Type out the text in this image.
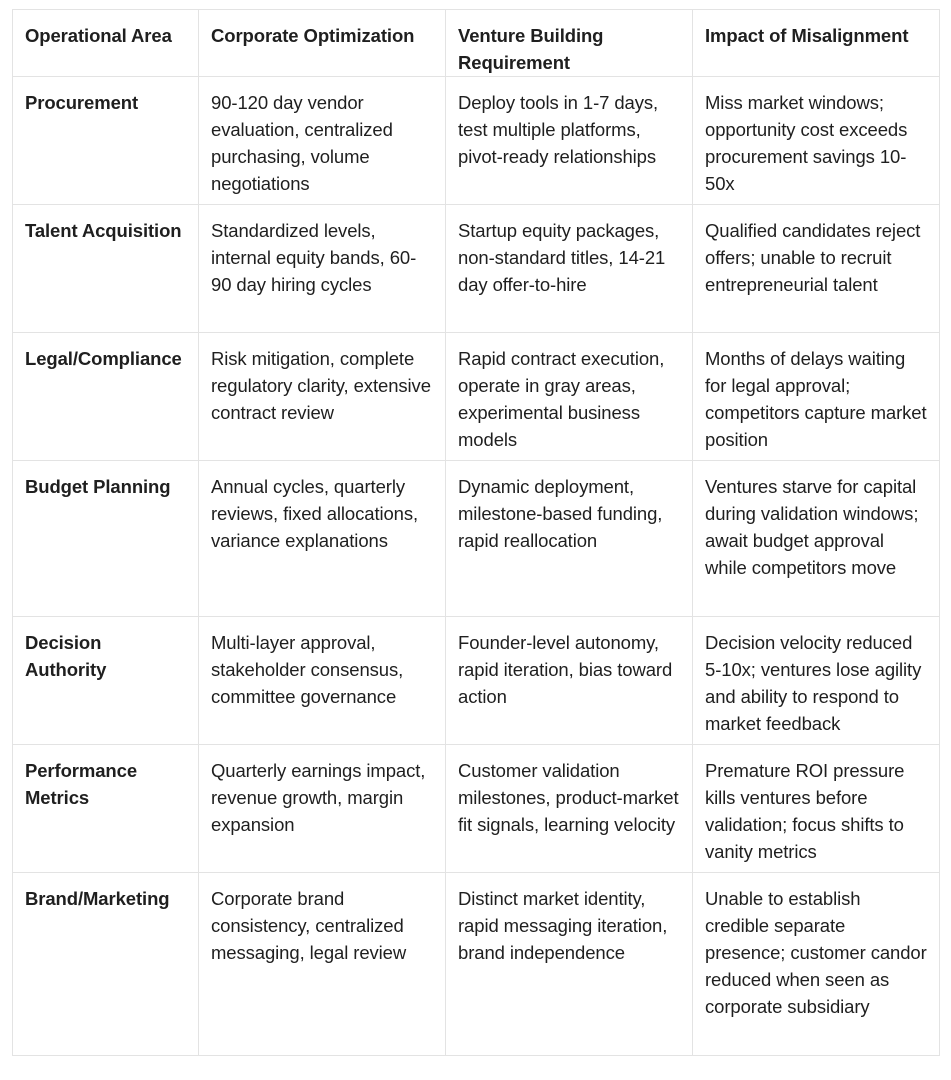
Operational Area	Corporate Optimization	Venture Building Requirement	Impact of Misalignment
Procurement	90-120 day vendor evaluation, centralized purchasing, volume negotiations	Deploy tools in 1-7 days, test multiple platforms, pivot-ready relationships	Miss market windows; opportunity cost exceeds procurement savings 10-50x
Talent Acquisition	Standardized levels, internal equity bands, 60-90 day hiring cycles	Startup equity packages, non-standard titles, 14-21 day offer-to-hire	Qualified candidates reject offers; unable to recruit entrepreneurial talent
Legal/Compliance	Risk mitigation, complete regulatory clarity, extensive contract review	Rapid contract execution, operate in gray areas, experimental business models	Months of delays waiting for legal approval; competitors capture market position
Budget Planning	Annual cycles, quarterly reviews, fixed allocations, variance explanations	Dynamic deployment, milestone-based funding, rapid reallocation	Ventures starve for capital during validation windows; await budget approval while competitors move
Decision Authority	Multi-layer approval, stakeholder consensus, committee governance	Founder-level autonomy, rapid iteration, bias toward action	Decision velocity reduced 5-10x; ventures lose agility and ability to respond to market feedback
Performance Metrics	Quarterly earnings impact, revenue growth, margin expansion	Customer validation milestones, product-market fit signals, learning velocity	Premature ROI pressure kills ventures before validation; focus shifts to vanity metrics
Brand/Marketing	Corporate brand consistency, centralized messaging, legal review	Distinct market identity, rapid messaging iteration, brand independence	Unable to establish credible separate presence; customer candor reduced when seen as corporate subsidiary
